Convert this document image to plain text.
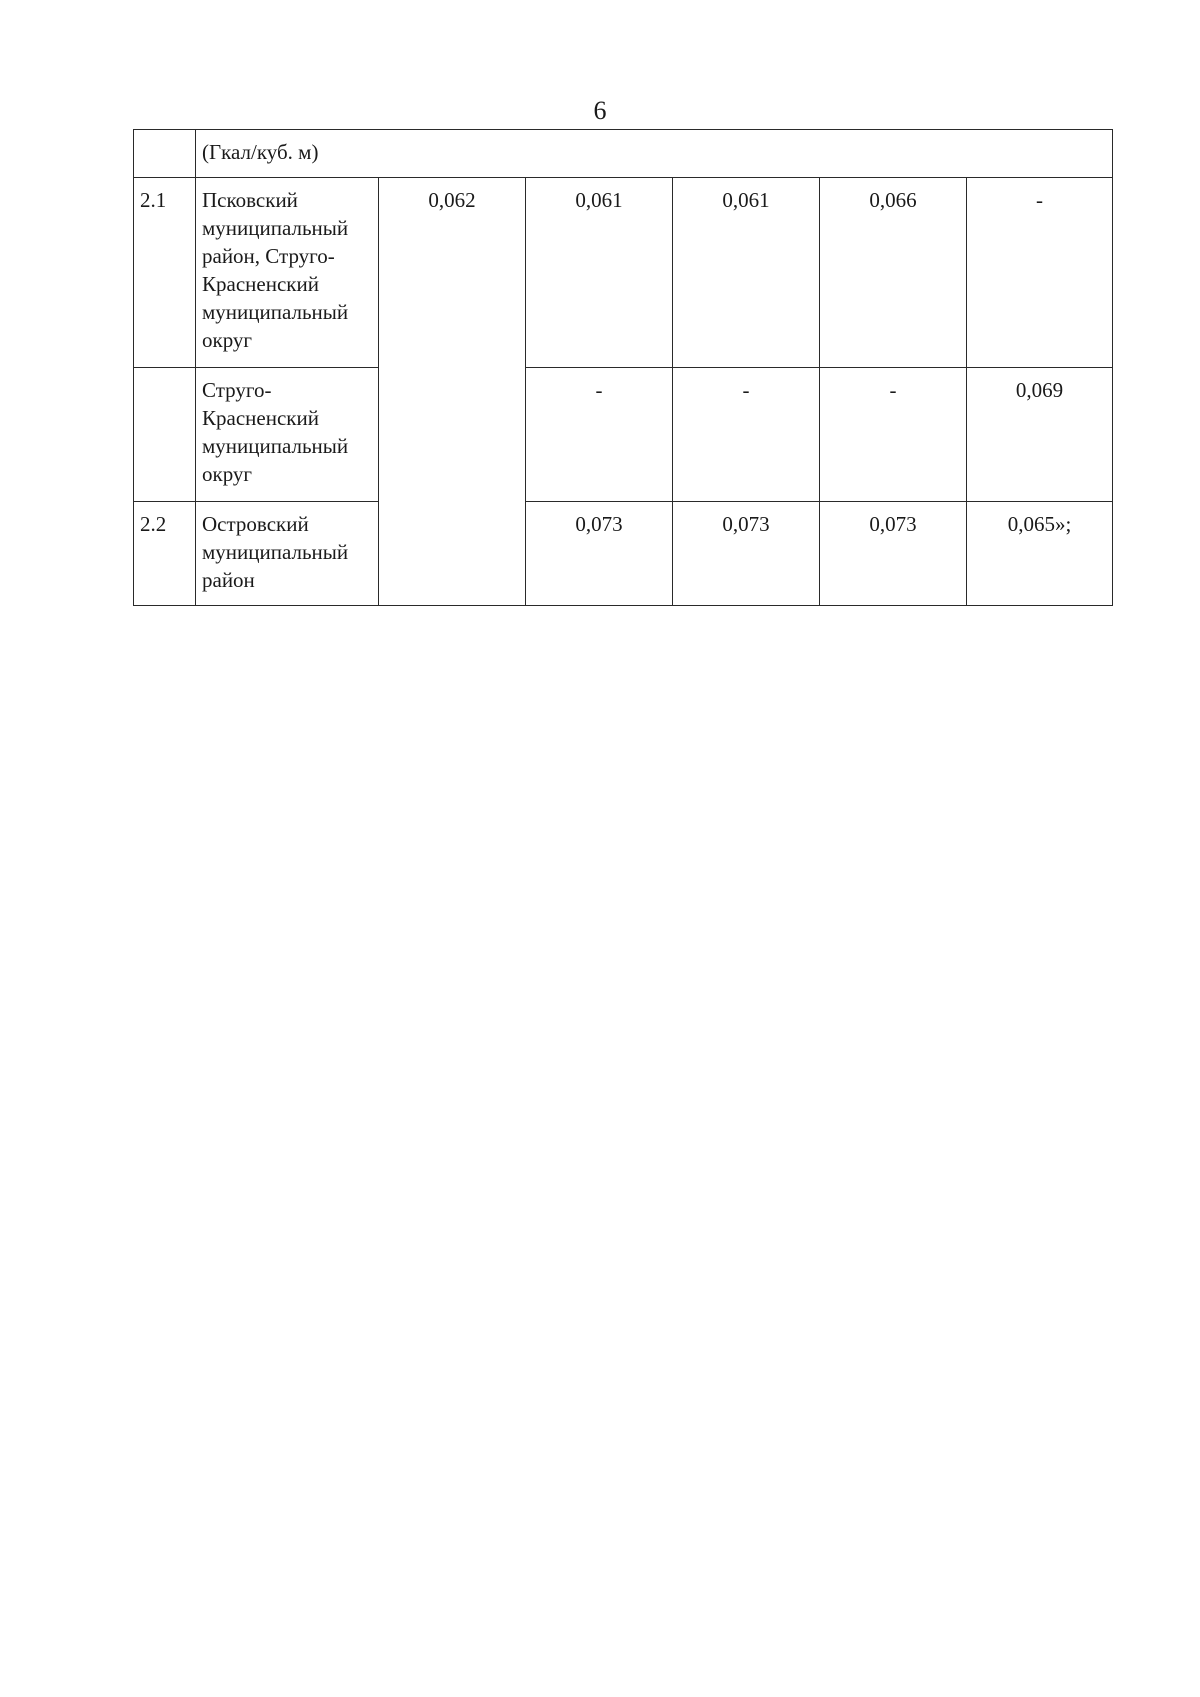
6
	(Гкал/куб. м)					
2.1	Псковский муниципальный район, Струго-Красненский муниципальный округ	0,062	0,061	0,061	0,066	-
	Струго-Красненский муниципальный округ		-	-	-	0,069
2.2	Островский муниципальный район		0,073	0,073	0,073	0,065»;
